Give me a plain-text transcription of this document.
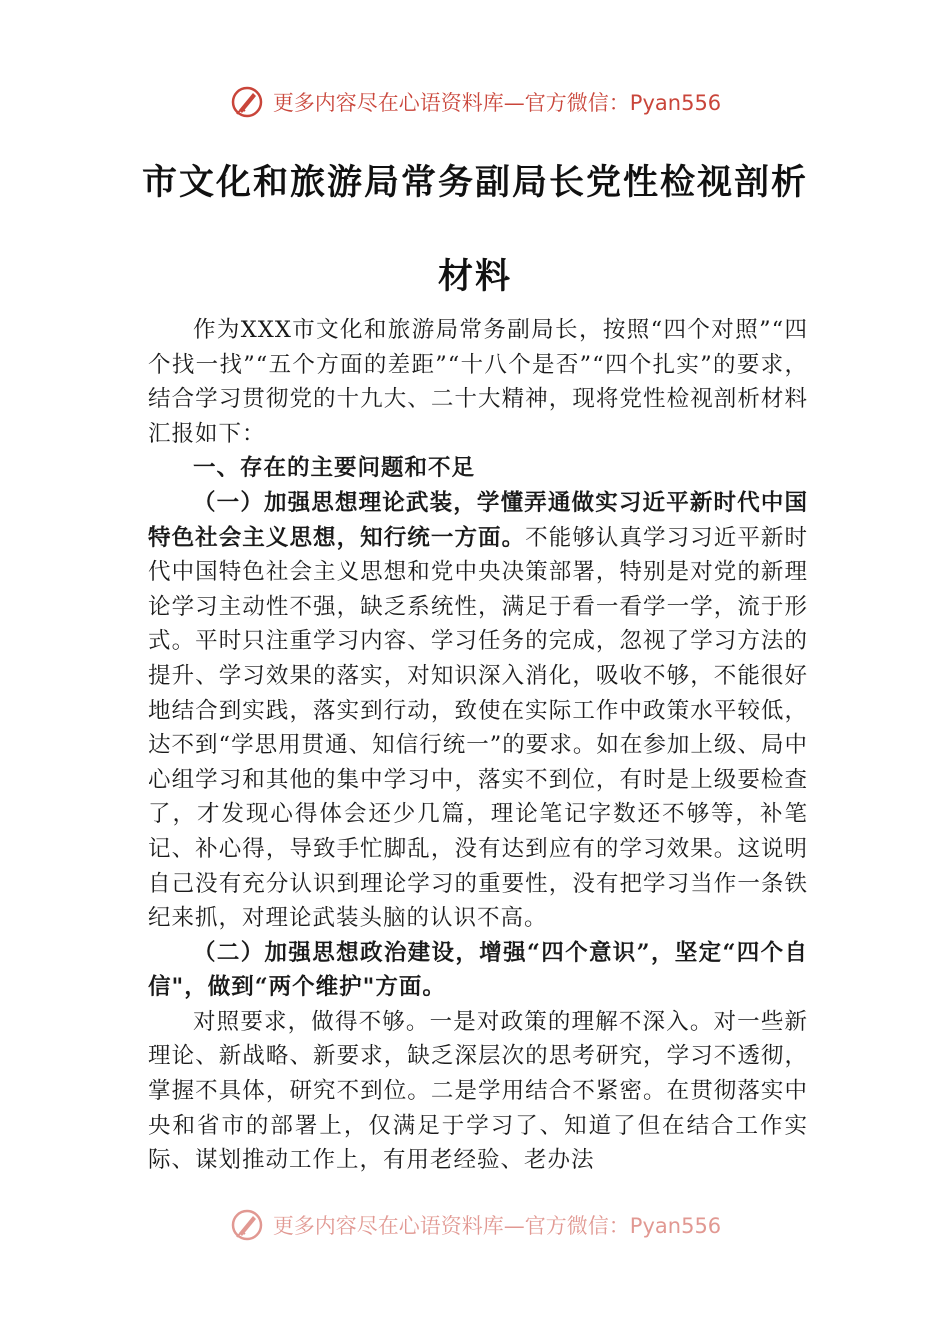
更多内容尽在心语资料库—官方微信：Pyan556
市文化和旅游局常务副局长党性检视剖析
材料

作为XXX市文化和旅游局常务副局长，按照“四个对照”“四个找一找”“五个方面的差距”“十八个是否”“四个扎实”的要求，结合学习贯彻党的十九大、二十大精神，现将党性检视剖析材料汇报如下：

一、存在的主要问题和不足

（一）加强思想理论武装，学懂弄通做实习近平新时代中国特色社会主义思想，知行统一方面。不能够认真学习习近平新时代中国特色社会主义思想和党中央决策部署，特别是对党的新理论学习主动性不强，缺乏系统性，满足于看一看学一学，流于形式。平时只注重学习内容、学习任务的完成，忽视了学习方法的提升、学习效果的落实，对知识深入消化，吸收不够，不能很好地结合到实践，落实到行动，致使在实际工作中政策水平较低，达不到“学思用贯通、知信行统一”的要求。如在参加上级、局中心组学习和其他的集中学习中，落实不到位，有时是上级要检查了，才发现心得体会还少几篇，理论笔记字数还不够等，补笔记、补心得，导致手忙脚乱，没有达到应有的学习效果。这说明自己没有充分认识到理论学习的重要性，没有把学习当作一条铁纪来抓，对理论武装头脑的认识不高。

（二）加强思想政治建设，增强“四个意识”，坚定“四个自信"，做到“两个维护"方面。

对照要求，做得不够。一是对政策的理解不深入。对一些新理论、新战略、新要求，缺乏深层次的思考研究，学习不透彻，掌握不具体，研究不到位。二是学用结合不紧密。在贯彻落实中央和省市的部署上，仅满足于学习了、知道了但在结合工作实际、谋划推动工作上，有用老经验、老办法

更多内容尽在心语资料库—官方微信：Pyan556
